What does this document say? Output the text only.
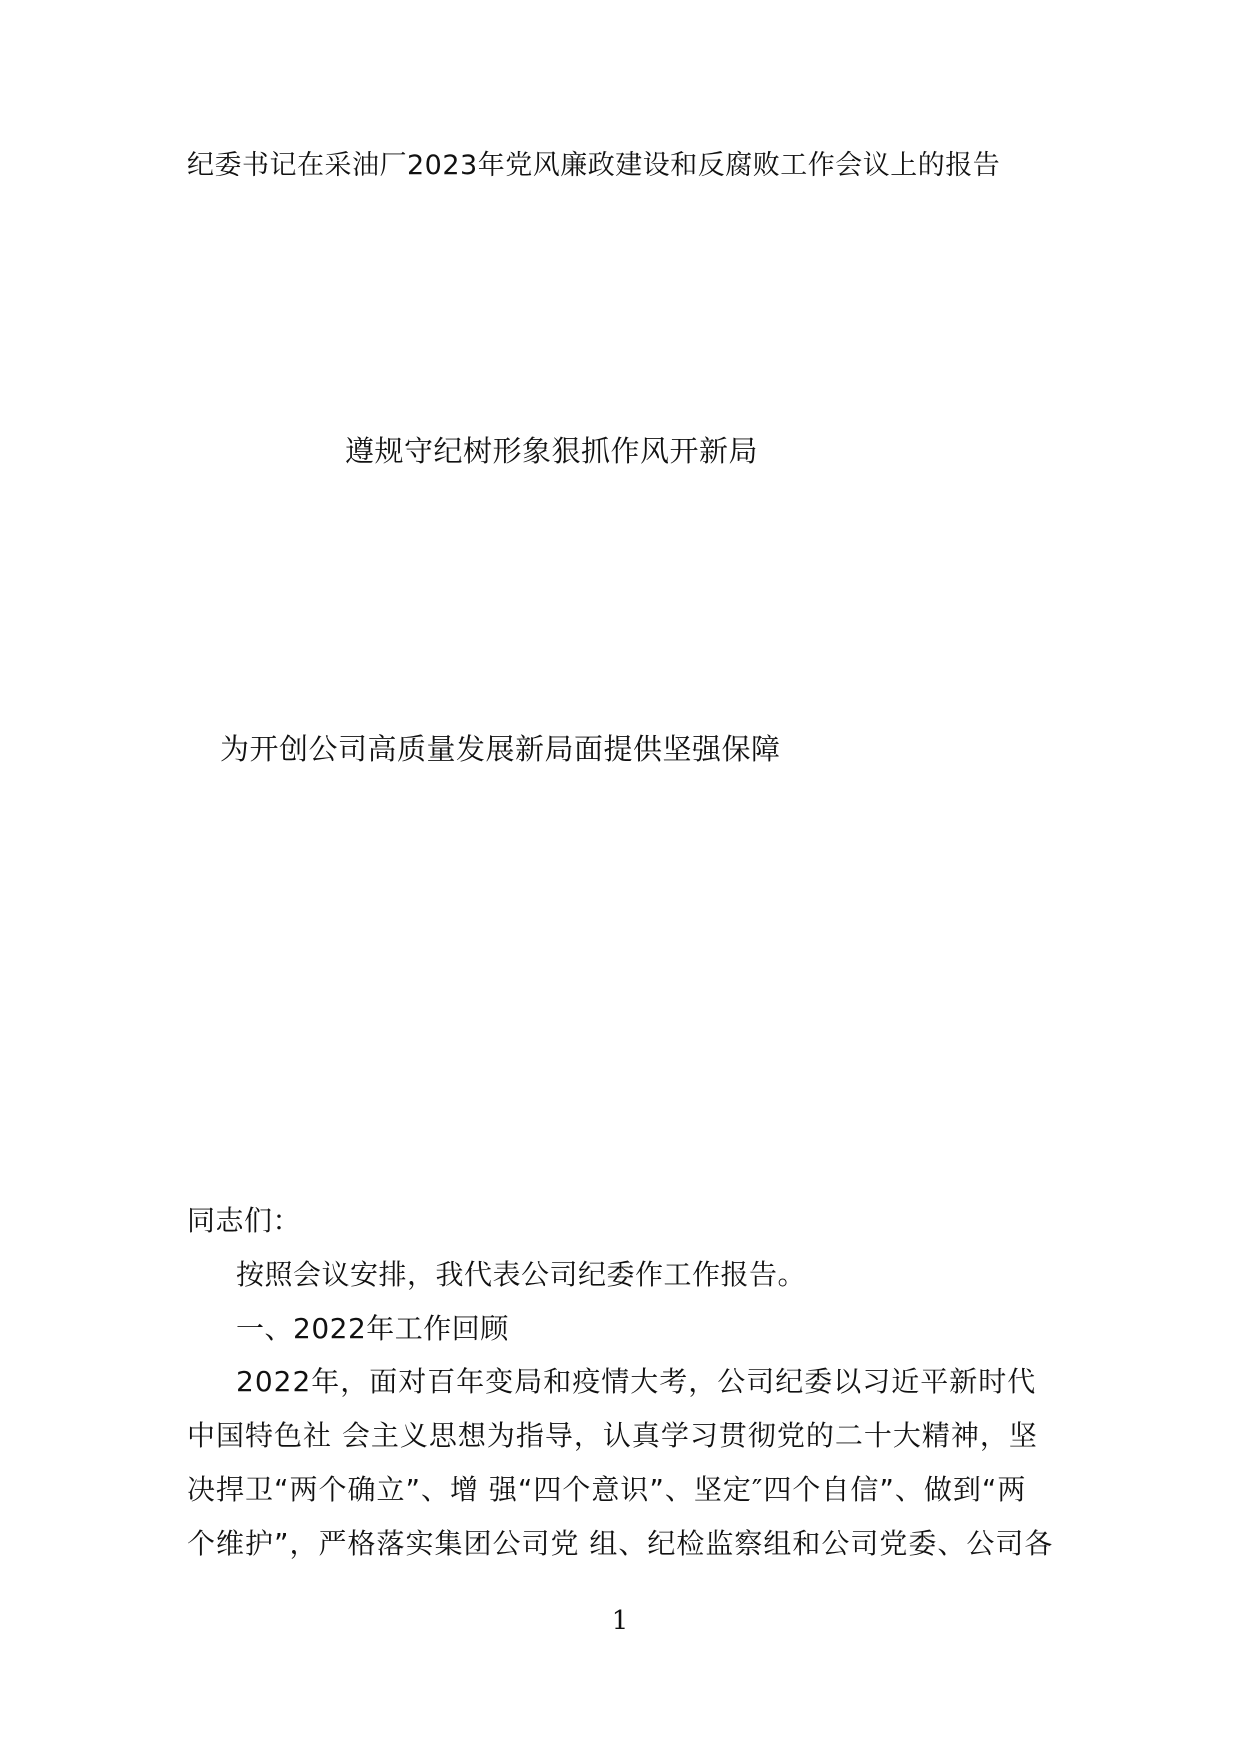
纪委书记在采油厂2023年党风廉政建设和反腐败工作会议上的报告
遵规守纪树形象狠抓作风开新局
为开创公司高质量发展新局面提供坚强保障
同志们：
按照会议安排，我代表公司纪委作工作报告。
一、2022年工作回顾
2022年，面对百年变局和疫情大考，公司纪委以习近平新时代
中国特色社 会主义思想为指导，认真学习贯彻党的二十大精神，坚
决捍卫“两个确立”、增 强“四个意识”、坚定″四个自信”、做到“两
个维护”，严格落实集团公司党 组、纪检监察组和公司党委、公司各
1
